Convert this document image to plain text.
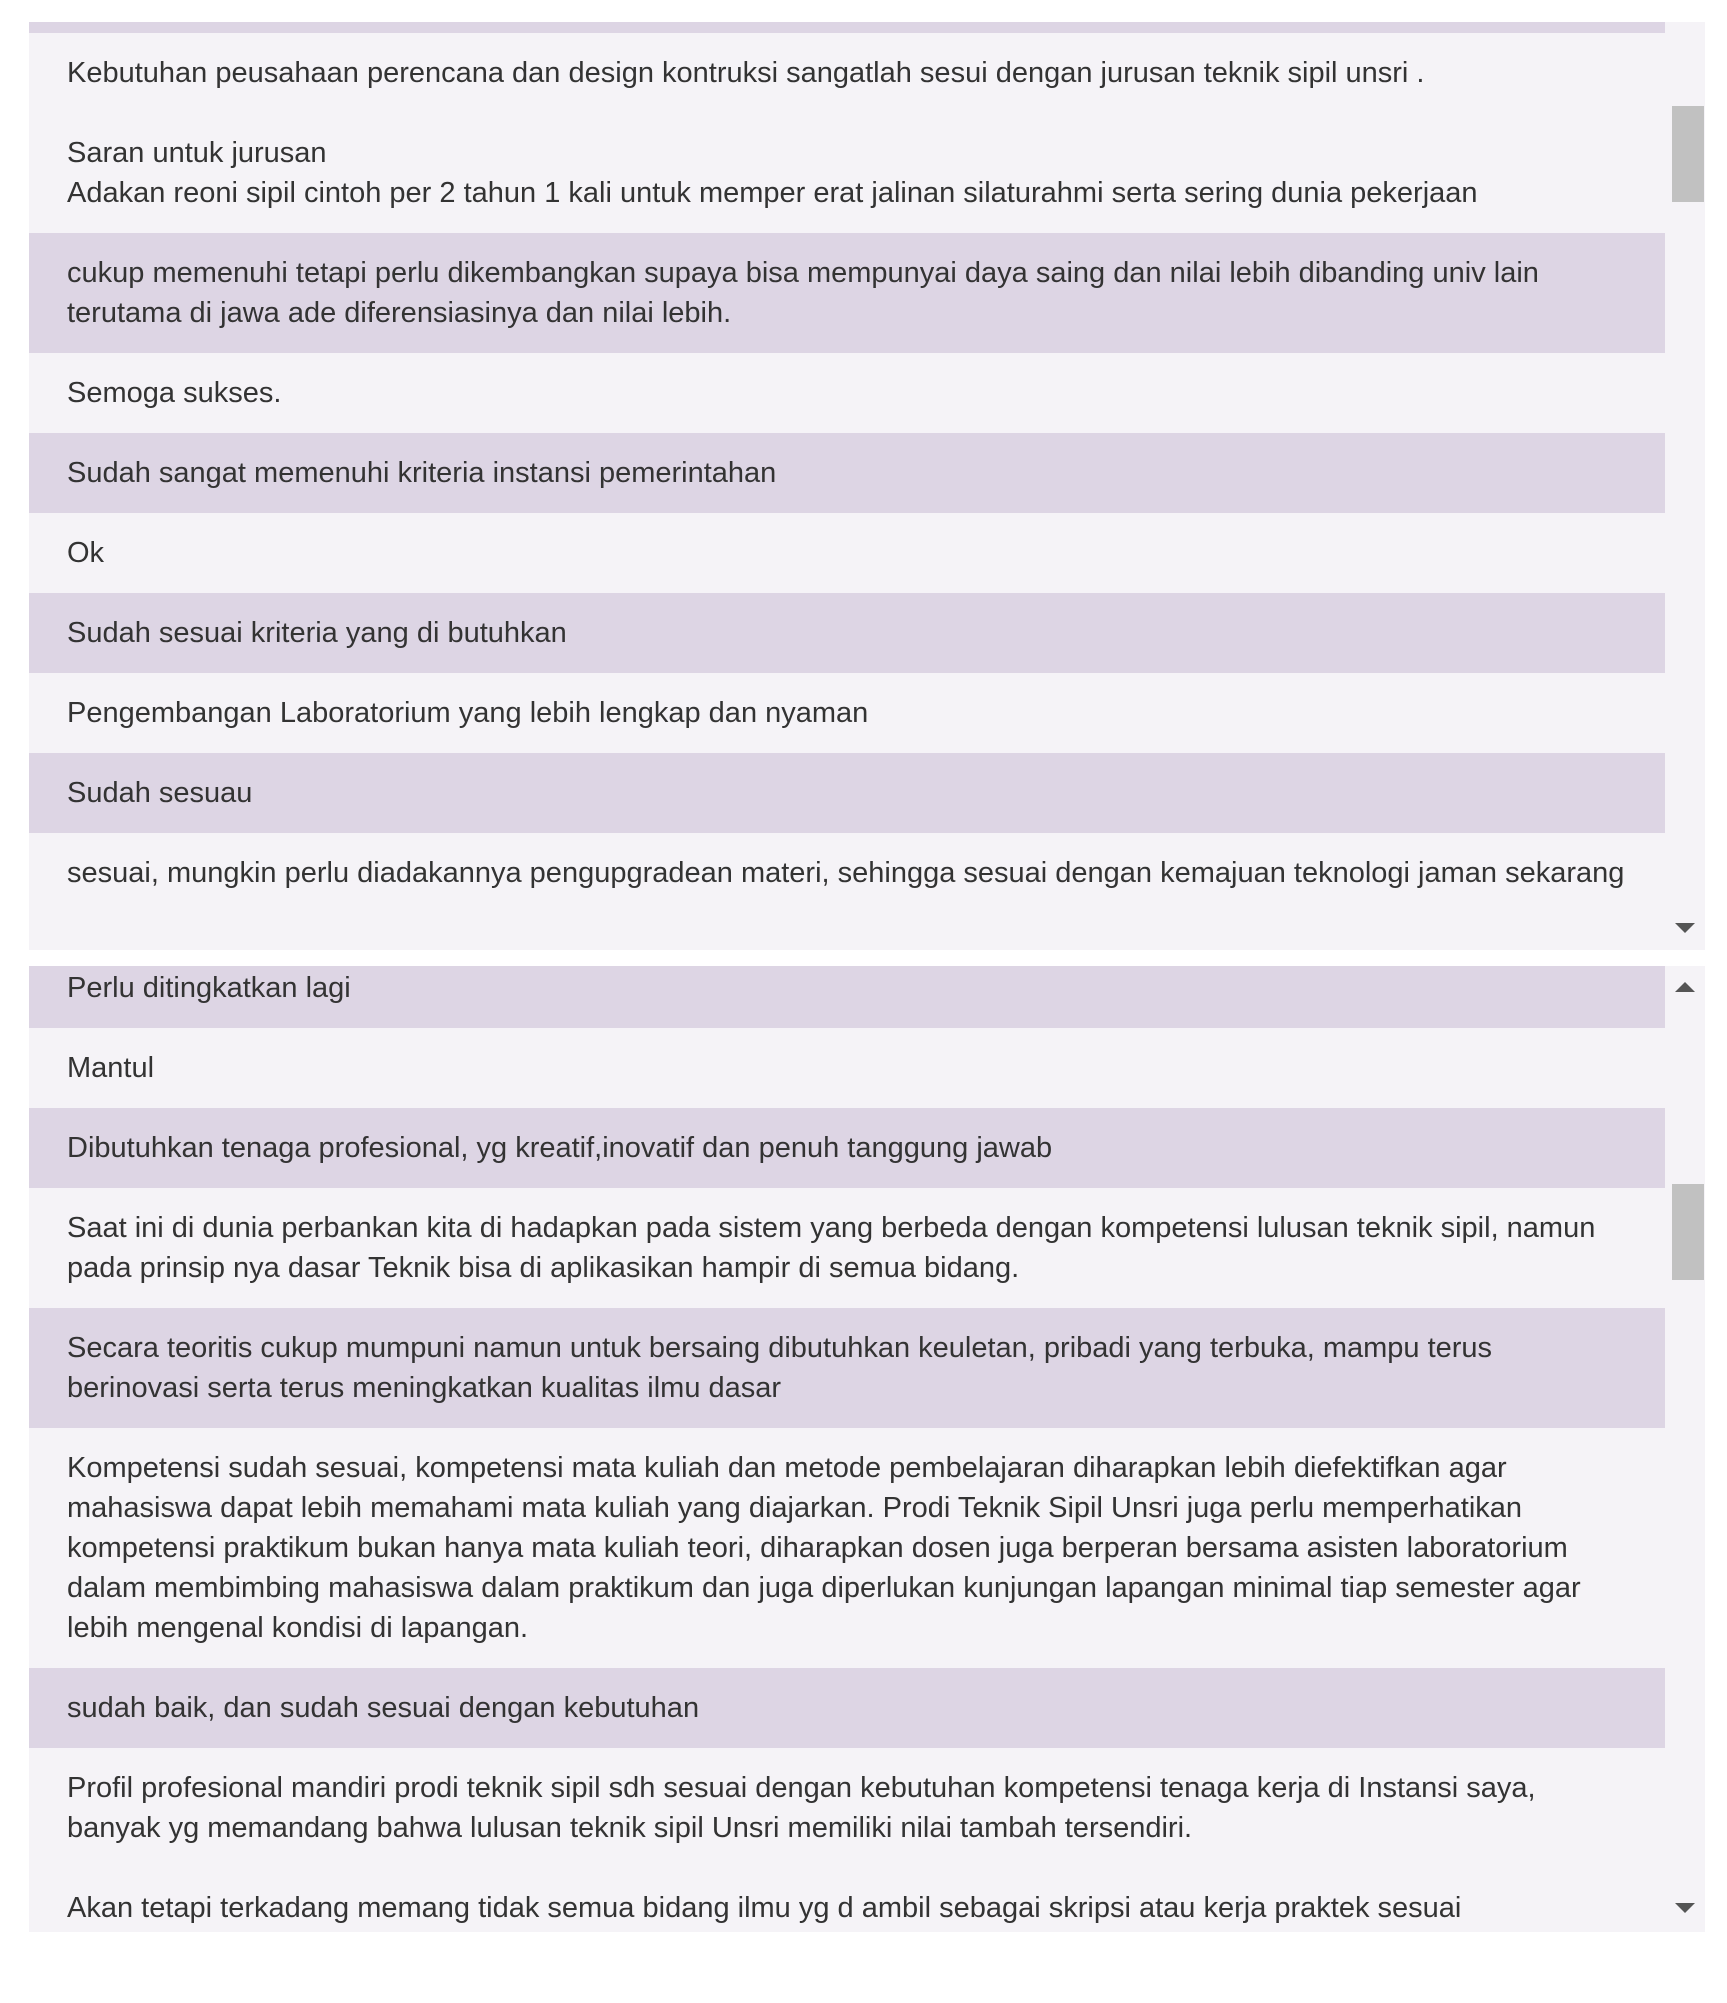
Kebutuhan peusahaan perencana dan design kontruksi sangatlah sesui dengan jurusan teknik sipil unsri .

Saran untuk jurusan
Adakan reoni sipil cintoh per 2 tahun 1 kali untuk memper erat jalinan silaturahmi serta sering dunia pekerjaan
cukup memenuhi tetapi perlu dikembangkan supaya bisa mempunyai daya saing dan nilai lebih dibanding univ lain terutama di jawa ade diferensiasinya dan nilai lebih.
Semoga sukses.
Sudah sangat memenuhi kriteria instansi pemerintahan
Ok
Sudah sesuai kriteria yang di butuhkan
Pengembangan Laboratorium yang lebih lengkap dan nyaman
Sudah sesuau
sesuai, mungkin perlu diadakannya pengupgradean materi, sehingga sesuai dengan kemajuan teknologi jaman sekarang
Perlu ditingkatkan lagi
Mantul
Dibutuhkan tenaga profesional, yg kreatif,inovatif dan penuh tanggung jawab
Saat ini di dunia perbankan kita di hadapkan pada sistem yang berbeda dengan kompetensi lulusan teknik sipil, namun pada prinsip nya dasar Teknik bisa di aplikasikan hampir di semua bidang.
Secara teoritis cukup mumpuni namun untuk bersaing dibutuhkan keuletan, pribadi yang terbuka, mampu terus berinovasi serta terus meningkatkan kualitas ilmu dasar
Kompetensi sudah sesuai, kompetensi mata kuliah dan metode pembelajaran diharapkan lebih diefektifkan agar mahasiswa dapat lebih memahami mata kuliah yang diajarkan. Prodi Teknik Sipil Unsri juga perlu memperhatikan kompetensi praktikum bukan hanya mata kuliah teori, diharapkan dosen juga berperan bersama asisten laboratorium dalam membimbing mahasiswa dalam praktikum dan juga diperlukan kunjungan lapangan minimal tiap semester agar lebih mengenal kondisi di lapangan.
sudah baik, dan sudah sesuai dengan kebutuhan
Profil profesional mandiri prodi teknik sipil sdh sesuai dengan kebutuhan kompetensi tenaga kerja di Instansi saya, banyak yg memandang bahwa lulusan teknik sipil Unsri memiliki nilai tambah tersendiri.

Akan tetapi terkadang memang tidak semua bidang ilmu yg d ambil sebagai skripsi atau kerja praktek sesuai
